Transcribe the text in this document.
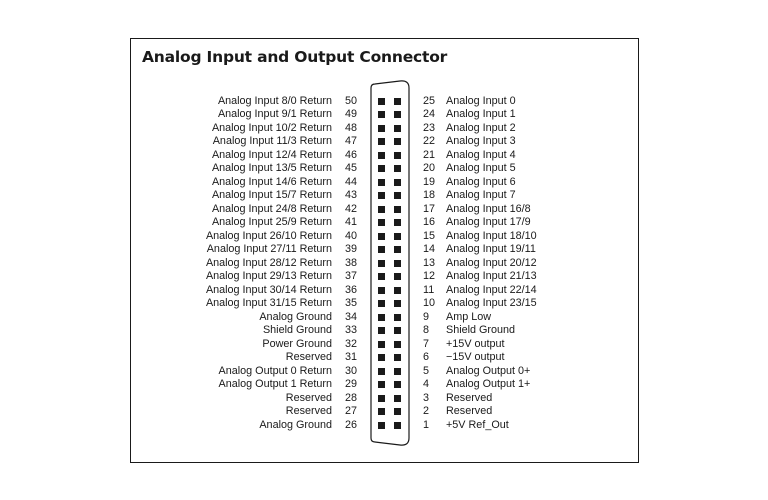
Analog Input and Output Connector
Analog Input 8/0 Return 50	25 Analog Input 0
Analog Input 9/1 Return 49	24 Analog Input 1
Analog Input 10/2 Return 48	23 Analog Input 2
Analog Input 11/3 Return 47	22 Analog Input 3
Analog Input 12/4 Return 46	21 Analog Input 4
Analog Input 13/5 Return 45	20 Analog Input 5
Analog Input 14/6 Return 44	19 Analog Input 6
Analog Input 15/7 Return 43	18 Analog Input 7
Analog Input 24/8 Return 42	17 Analog Input 16/8
Analog Input 25/9 Return 41	16 Analog Input 17/9
Analog Input 26/10 Return 40	15 Analog Input 18/10
Analog Input 27/11 Return 39	14 Analog Input 19/11
Analog Input 28/12 Return 38	13 Analog Input 20/12
Analog Input 29/13 Return 37	12 Analog Input 21/13
Analog Input 30/14 Return 36	11 Analog Input 22/14
Analog Input 31/15 Return 35	10 Analog Input 23/15
Analog Ground 34	9 Amp Low
Shield Ground 33	8 Shield Ground
Power Ground 32	7 +15V output
Reserved 31	6 −15V output
Analog Output 0 Return 30	5 Analog Output 0+
Analog Output 1 Return 29	4 Analog Output 1+
Reserved 28	3 Reserved
Reserved 27	2 Reserved
Analog Ground 26	1 +5V Ref_Out
